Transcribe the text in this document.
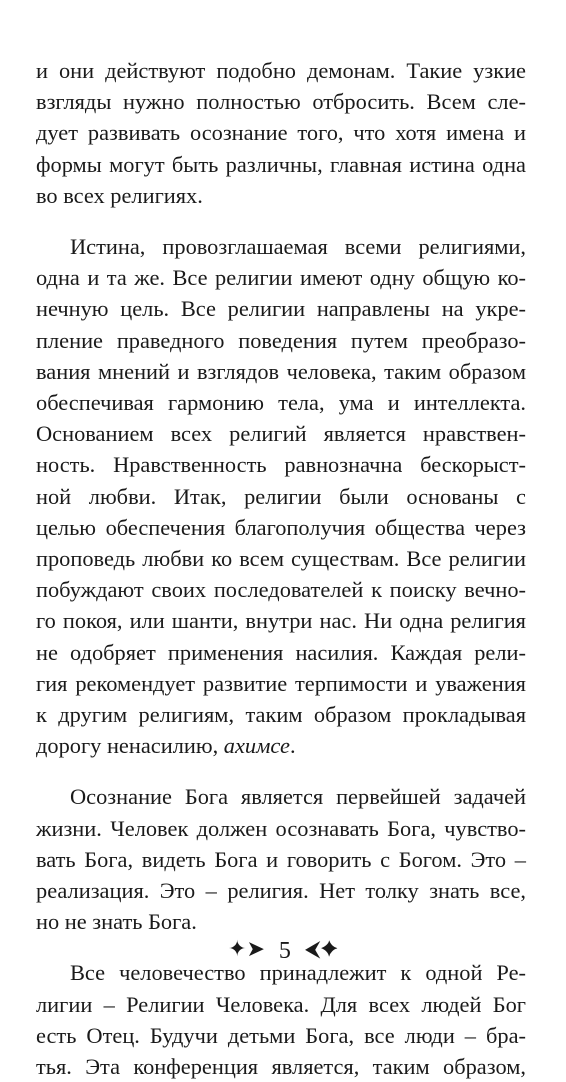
и они действуют подобно демонам. Такие узкие
взгляды нужно полностью отбросить. Всем сле-
дует развивать осознание того, что хотя имена и
формы могут быть различны, главная истина одна
во всех религиях.

Истина, провозглашаемая всеми религиями,
одна и та же. Все религии имеют одну общую ко-
нечную цель. Все религии направлены на укре-
пление праведного поведения путем преобразо-
вания мнений и взглядов человека, таким образом
обеспечивая гармонию тела, ума и интеллекта.
Основанием всех религий является нравствен-
ность. Нравственность равнозначна бескорыст-
ной любви. Итак, религии были основаны с
целью обеспечения благополучия общества через
проповедь любви ко всем существам. Все религии
побуждают своих последователей к поиску вечно-
го покоя, или шанти, внутри нас. Ни одна религия
не одобряет применения насилия. Каждая рели-
гия рекомендует развитие терпимости и уважения
к другим религиям, таким образом прокладывая
дорогу ненасилию, ахимсе.

Осознание Бога является первейшей задачей
жизни. Человек должен осознавать Бога, чувство-
вать Бога, видеть Бога и говорить с Богом. Это –
реализация. Это – религия. Нет толку знать все,
но не знать Бога.

Все человечество принадлежит к одной Ре-
лигии – Религии Человека. Для всех людей Бог
есть Отец. Будучи детьми Бога, все люди – бра-
тья. Эта конференция является, таким образом,

✦➤ 5 ⮜✦
